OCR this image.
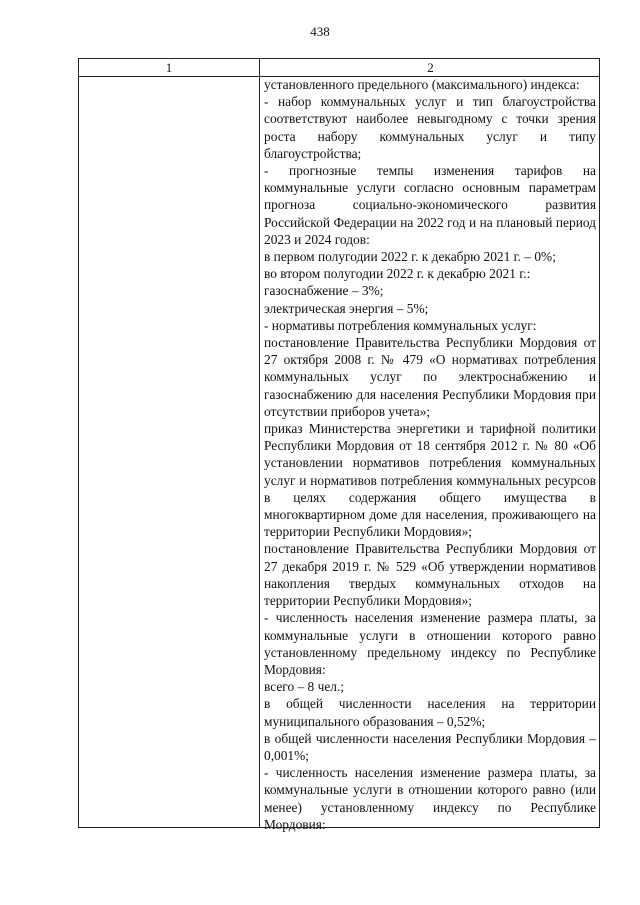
438
1	2

установленного предельного (максимального) индекса:

- набор коммунальных услуг и тип благоустройства соответствуют наиболее невыгодному с точки зрения роста набору коммунальных услуг и типу благоустройства;

- прогнозные темпы изменения тарифов на коммунальные услуги согласно основным параметрам прогноза социально-экономического развития Российской Федерации на 2022 год и на плановый период 2023 и 2024 годов:

в первом полугодии 2022 г. к декабрю 2021 г. – 0%;

во втором полугодии 2022 г. к декабрю 2021 г.:

газоснабжение – 3%;

электрическая энергия – 5%;

- нормативы потребления коммунальных услуг:

постановление Правительства Республики Мордовия от 27 октября 2008 г. № 479 «О нормативах потребления коммунальных услуг по электроснабжению и газоснабжению для населения Республики Мордовия при отсутствии приборов учета»;

приказ Министерства энергетики и тарифной политики Республики Мордовия от 18 сентября 2012 г. № 80 «Об установлении нормативов потребления коммунальных услуг и нормативов потребления коммунальных ресурсов в целях содержания общего имущества в многоквартирном доме для населения, проживающего на территории Республики Мордовия»;

постановление Правительства Республики Мордовия от 27 декабря 2019 г. № 529 «Об утверждении нормативов накопления твердых коммунальных отходов на территории Республики Мордовия»;

- численность населения изменение размера платы, за коммунальные услуги в отношении которого равно установленному предельному индексу по Республике Мордовия:

всего – 8 чел.;

в общей численности населения на территории муниципального образования – 0,52%;

в общей численности населения Республики Мордовия – 0,001%;

- численность населения изменение размера платы, за коммунальные услуги в отношении которого равно (или менее) установленному индексу по Республике Мордовия:
